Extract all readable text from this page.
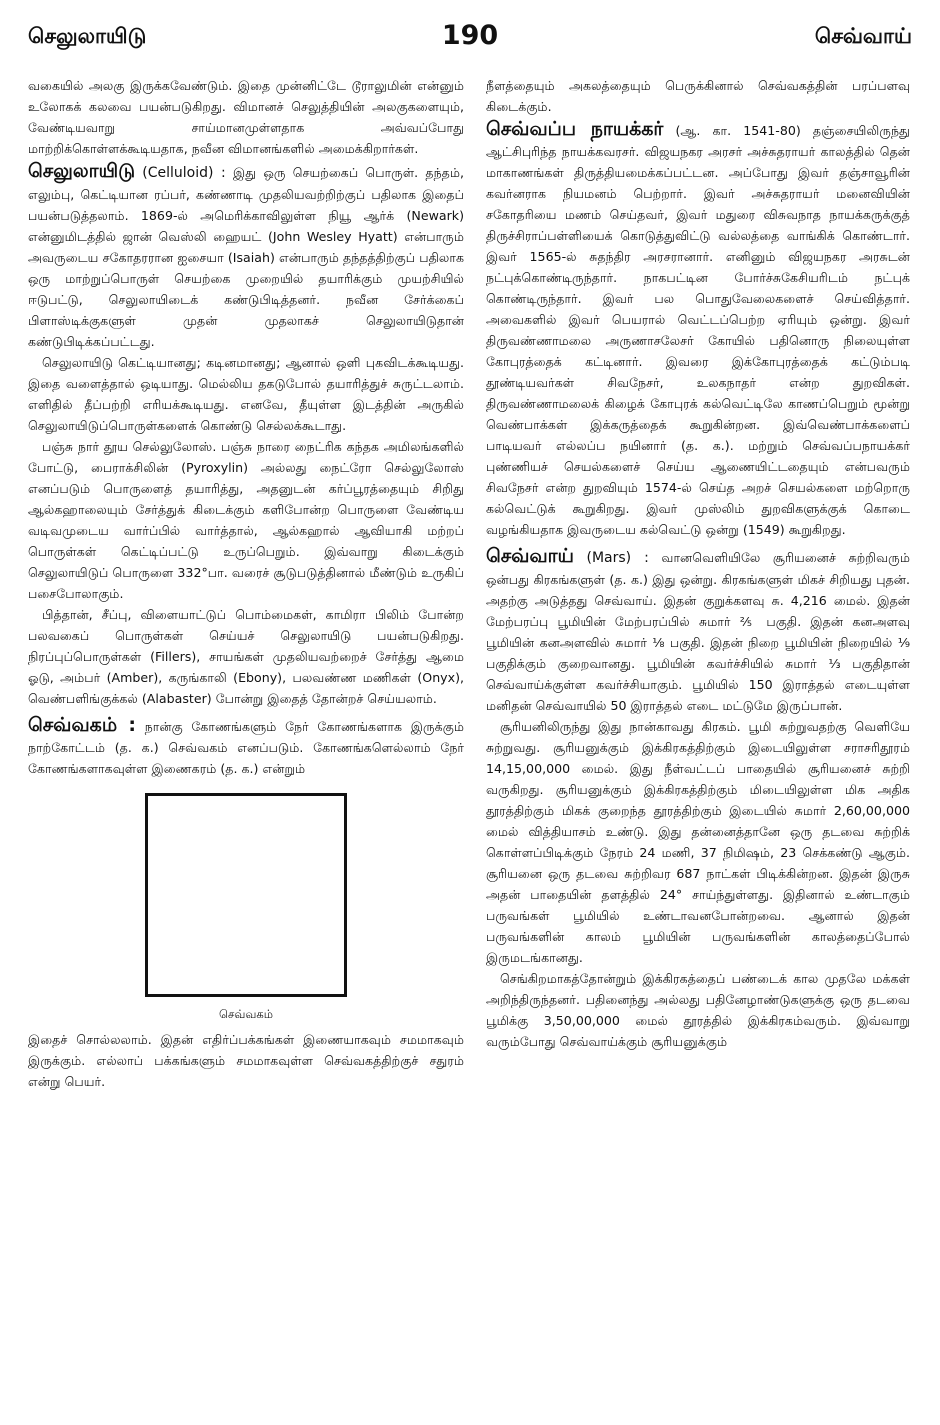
செலுலாயிடு	190	செவ்வாய்

வகையில் அலகு இருக்கவேண்டும். இதை முன்னிட்டே டூராலுமின் என்னும் உலோகக் கலவை பயன்படுகிறது. விமானச் செலுத்தியின் அலகுகளையும், வேண்டியவாறு சாய்மானமுள்ளதாக அவ்வப்போது மாற்றிக்கொள்ளக்கூடியதாக, நவீன விமானங்களில் அமைக்கிறார்கள்.

செலுலாயிடு (Celluloid) : இது ஒரு செயற்கைப் பொருள். தந்தம், எலும்பு, கெட்டியான ரப்பர், கண்ணாடி முதலியவற்றிற்குப் பதிலாக இதைப் பயன்படுத்தலாம். 1869-ல் அமெரிக்காவிலுள்ள நியூ ஆர்க் (Newark) என்னுமிடத்தில் ஜான் வெஸ்லி ஹையட் (John Wesley Hyatt) என்பாரும் அவருடைய சகோதரரான ஐசையா (Isaiah) என்பாரும் தந்தத்திற்குப் பதிலாக ஒரு மாற்றுப்பொருள் செயற்கை முறையில் தயாரிக்கும் முயற்சியில் ஈடுபட்டு, செலுலாயிடைக் கண்டுபிடித்தனர். நவீன சேர்க்கைப் பிளாஸ்டிக்குகளுள் முதன் முதலாகச் செலுலாயிடுதான் கண்டுபிடிக்கப்பட்டது.

செலுலாயிடு கெட்டியானது; கடினமானது; ஆனால் ஒளி புகவிடக்கூடியது. இதை வளைத்தால் ஒடியாது. மெல்லிய தகடுபோல் தயாரித்துச் சுருட்டலாம். எளிதில் தீப்பற்றி எரியக்கூடியது. எனவே, தீயுள்ள இடத்தின் அருகில் செலுலாயிடுப்பொருள்களைக் கொண்டு செல்லக்கூடாது.

பஞ்சு நார் தூய செல்லுலோஸ். பஞ்சு நாரை நைட்ரிக கந்தக அமிலங்களில் போட்டு, பைராக்சிலின் (Pyroxylin) அல்லது நைட்ரோ செல்லுலோஸ் எனப்படும் பொருளைத் தயாரித்து, அதனுடன் கர்ப்பூரத்தையும் சிறிது ஆல்கஹாலையும் சேர்த்துக் கிடைக்கும் களிபோன்ற பொருளை வேண்டிய வடிவமுடைய வார்ப்பில் வார்த்தால், ஆல்கஹால் ஆவியாகி மற்றப் பொருள்கள் கெட்டிப்பட்டு உருப்பெறும். இவ்வாறு கிடைக்கும் செலுலாயிடுப் பொருளை 332°பா. வரைச் சூடுபடுத்தினால் மீண்டும் உருகிப் பசைபோலாகும்.

பித்தான், சீப்பு, விளையாட்டுப் பொம்மைகள், காமிரா பிலிம் போன்ற பலவகைப் பொருள்கள் செய்யச் செலுலாயிடு பயன்படுகிறது. நிரப்புப்பொருள்கள் (Fillers), சாயங்கள் முதலியவற்றைச் சேர்த்து ஆமை ஓடு, அம்பர் (Amber), கருங்காலி (Ebony), பலவண்ண மணிகள் (Onyx), வெண்பளிங்குக்கல் (Alabaster) போன்று இதைத் தோன்றச் செய்யலாம்.

செவ்வகம் : நான்கு கோணங்களும் நேர் கோணங்களாக இருக்கும் நாற்கோட்டம் (த. க.) செவ்வகம் எனப்படும். கோணங்களெல்லாம் நேர் கோணங்களாகவுள்ள இணைகரம் (த. க.) என்றும்

செவ்வகம்

இதைச் சொல்லலாம். இதன் எதிர்ப்பக்கங்கள் இணையாகவும் சமமாகவும் இருக்கும். எல்லாப் பக்கங்களும் சமமாகவுள்ள செவ்வகத்திற்குச் சதுரம் என்று பெயர்.

நீளத்தையும் அகலத்தையும் பெருக்கினால் செவ்வகத்தின் பரப்பளவு கிடைக்கும்.

செவ்வப்ப நாயக்கர் (ஆ. கா. 1541-80) தஞ்சையிலிருந்து ஆட்சிபுரிந்த நாயக்கவரசர். விஜயநகர அரசர் அச்சுதராயர் காலத்தில் தென் மாகாணங்கள் திருத்தியமைக்கப்பட்டன. அப்போது இவர் தஞ்சாவூரின் கவர்னராக நியமனம் பெற்றார். இவர் அச்சுதராயர் மனைவியின் சகோதரியை மணம் செய்தவர், இவர் மதுரை விசுவநாத நாயக்கருக்குத் திருச்சிராப்பள்ளியைக் கொடுத்துவிட்டு வல்லத்தை வாங்கிக் கொண்டார். இவர் 1565-ல் சுதந்திர அரசரானார். எனினும் விஜயநகர அரசுடன் நட்புக்கொண்டிருந்தார். நாகபட்டின போர்ச்சுகேசியரிடம் நட்புக் கொண்டிருந்தார். இவர் பல பொதுவேலைகளைச் செய்வித்தார். அவைகளில் இவர் பெயரால் வெட்டப்பெற்ற ஏரியும் ஒன்று. இவர் திருவண்ணாமலை அருணாசலேசர் கோயில் பதினொரு நிலையுள்ள கோபுரத்தைக் கட்டினார். இவரை இக்கோபுரத்தைக் கட்டும்படி தூண்டியவர்கள் சிவநேசர், உலகநாதர் என்ற துறவிகள். திருவண்ணாமலைக் கிழைக் கோபுரக் கல்வெட்டிலே காணப்பெறும் மூன்று வெண்பாக்கள் இக்கருத்தைக் கூறுகின்றன. இவ்வெண்பாக்களைப் பாடியவர் எல்லப்ப நயினார் (த. க.). மற்றும் செவ்வப்பநாயக்கர் புண்ணியச் செயல்களைச் செய்ய ஆணையிட்டதையும் என்பவரும் சிவநேசர் என்ற துறவியும் 1574-ல் செய்த அறச் செயல்களை மற்றொரு கல்வெட்டுக் கூறுகிறது. இவர் முஸ்லிம் துறவிகளுக்குக் கொடை வழங்கியதாக இவருடைய கல்வெட்டு ஒன்று (1549) கூறுகிறது.

செவ்வாய் (Mars) : வானவெளியிலே சூரியனைச் சுற்றிவரும் ஒன்பது கிரகங்களுள் (த. க.) இது ஒன்று. கிரகங்களுள் மிகச் சிறியது புதன். அதற்கு அடுத்தது செவ்வாய். இதன் குறுக்களவு சு. 4,216 மைல். இதன் மேற்பரப்பு பூமியின் மேற்பரப்பில் சுமார் ⅖ பகுதி. இதன் கனஅளவு பூமியின் கனஅளவில் சுமார் ⅛ பகுதி. இதன் நிறை பூமியின் நிறையில் ⅑ பகுதிக்கும் குறைவானது. பூமியின் கவர்ச்சியில் சுமார் ⅓ பகுதிதான் செவ்வாய்க்குள்ள கவர்ச்சியாகும். பூமியில் 150 இராத்தல் எடையுள்ள மனிதன் செவ்வாயில் 50 இராத்தல் எடை மட்டுமே இருப்பான்.

சூரியனிலிருந்து இது நான்காவது கிரகம். பூமி சுற்றுவதற்கு வெளியே சுற்றுவது. சூரியனுக்கும் இக்கிரகத்திற்கும் இடையிலுள்ள சராசரிதூரம் 14,15,00,000 மைல். இது நீள்வட்டப் பாதையில் சூரியனைச் சுற்றி வருகிறது. சூரியனுக்கும் இக்கிரகத்திற்கும் மிடையிலுள்ள மிக அதிக தூரத்திற்கும் மிகக் குறைந்த தூரத்திற்கும் இடையில் சுமார் 2,60,00,000 மைல் வித்தியாசம் உண்டு. இது தன்னைத்தானே ஒரு தடவை சுற்றிக் கொள்ளப்பிடிக்கும் நேரம் 24 மணி, 37 நிமிஷம், 23 செக்கண்டு ஆகும். சூரியனை ஒரு தடவை சுற்றிவர 687 நாட்கள் பிடிக்கின்றன. இதன் இருசு அதன் பாதையின் தளத்தில் 24° சாய்ந்துள்ளது. இதினால் உண்டாகும் பருவங்கள் பூமியில் உண்டாவனபோன்றவை. ஆனால் இதன் பருவங்களின் காலம் பூமியின் பருவங்களின் காலத்தைப்போல் இருமடங்கானது.

செங்கிறமாகத்தோன்றும் இக்கிரகத்தைப் பண்டைக் கால முதலே மக்கள் அறிந்திருந்தனர். பதினைந்து அல்லது பதினேழாண்டுகளுக்கு ஒரு தடவை பூமிக்கு 3,50,00,000 மைல் தூரத்தில் இக்கிரகம்வரும். இவ்வாறு வரும்போது செவ்வாய்க்கும் சூரியனுக்கும்
